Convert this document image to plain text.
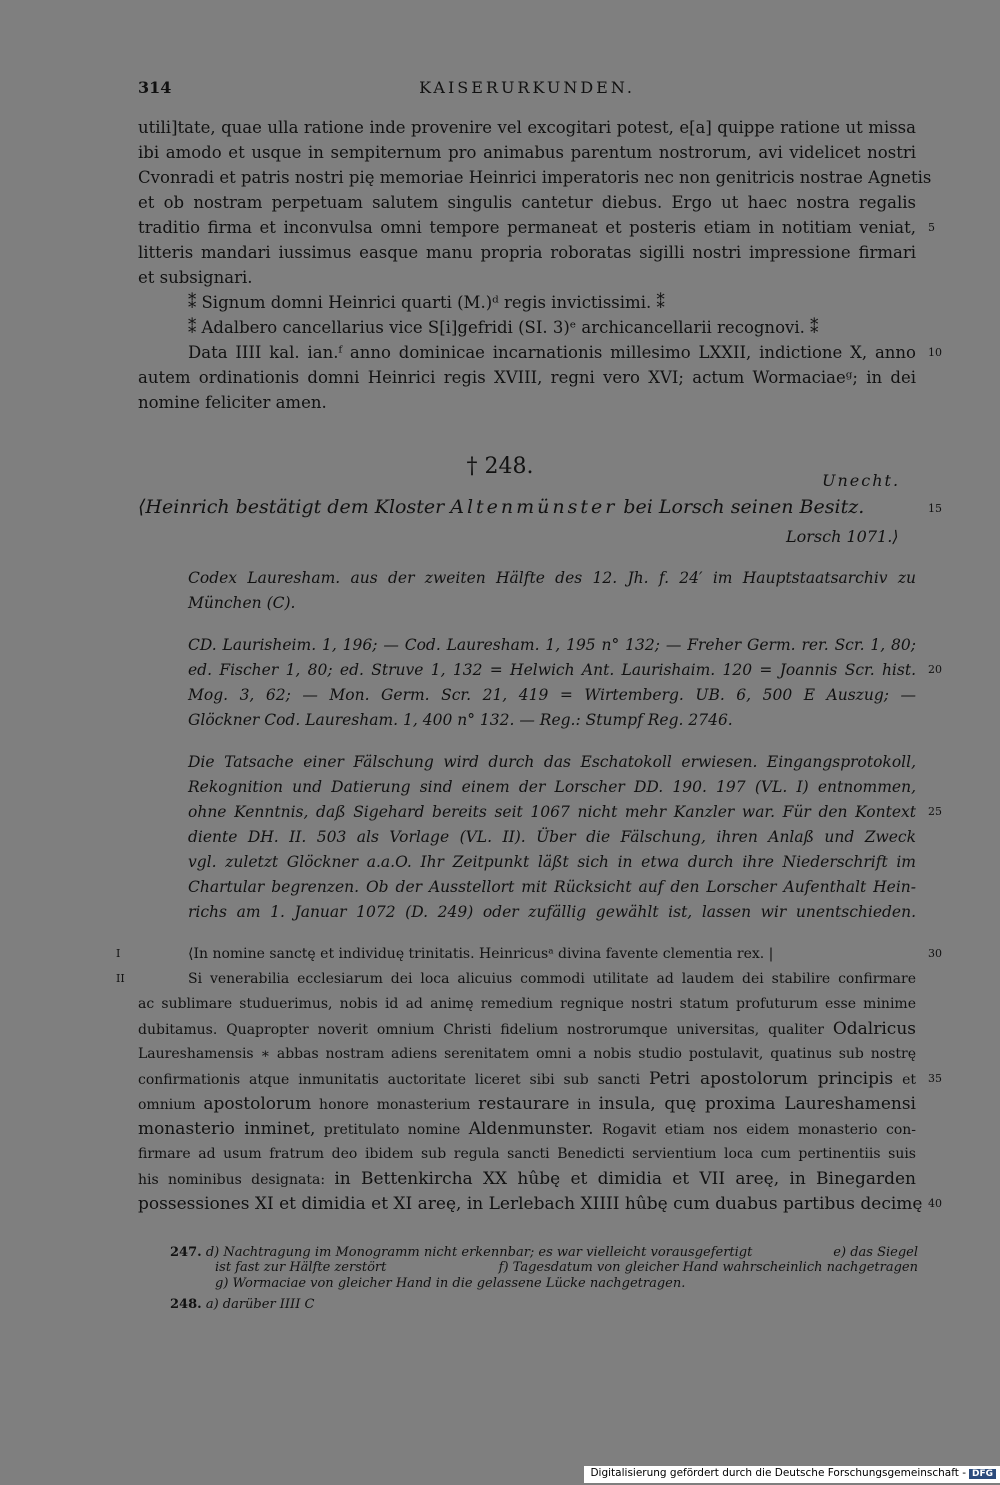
314	KAISERURKUNDEN.
utili]tate, quae ulla ratione inde provenire vel excogitari potest, e[a] quippe ratione ut missa
ibi amodo et usque in sempiternum pro animabus parentum nostrorum, avi videlicet nostri
Cvonradi et patris nostri pię memoriae Heinrici imperatoris nec non genitricis nostrae Agnetis
et ob nostram perpetuam salutem singulis cantetur diebus. Ergo ut haec nostra regalis
traditio firma et inconvulsa omni tempore permaneat et posteris etiam in notitiam veniat, 5
litteris mandari iussimus easque manu propria roboratas sigilli nostri impressione firmari
et subsignari.
⁑ Signum domni Heinrici quarti (M.)ᵈ regis invictissimi. ⁑
⁑ Adalbero cancellarius vice S[i]gefridi (SI. 3)ᵉ archicancellarii recognovi. ⁑
Data IIII kal. ian.ᶠ anno dominicae incarnationis millesimo LXXII, indictione X, anno 10
autem ordinationis domni Heinrici regis XVIII, regni vero XVI; actum Wormaciaeᵍ; in dei
nomine feliciter amen.
† 248.
Unecht.
⟨Heinrich bestätigt dem Kloster Altenmünster bei Lorsch seinen Besitz.	15
Lorsch 1071.⟩
Codex Lauresham. aus der zweiten Hälfte des 12. Jh. f. 24′ im Hauptstaatsarchiv zu
München (C).
CD. Laurisheim. 1, 196; — Cod. Lauresham. 1, 195 n° 132; — Freher Germ. rer. Scr. 1, 80;
ed. Fischer 1, 80; ed. Struve 1, 132 = Helwich Ant. Laurishaim. 120 = Joannis Scr. hist. 20
Mog. 3, 62; — Mon. Germ. Scr. 21, 419 = Wirtemberg. UB. 6, 500 E Auszug; —
Glöckner Cod. Lauresham. 1, 400 n° 132. — Reg.: Stumpf Reg. 2746.
Die Tatsache einer Fälschung wird durch das Eschatokoll erwiesen. Eingangsprotokoll,
Rekognition und Datierung sind einem der Lorscher DD. 190. 197 (VL. I) entnommen,
ohne Kenntnis, daß Sigehard bereits seit 1067 nicht mehr Kanzler war. Für den Kontext 25
diente DH. II. 503 als Vorlage (VL. II). Über die Fälschung, ihren Anlaß und Zweck
vgl. zuletzt Glöckner a.a.O. Ihr Zeitpunkt läßt sich in etwa durch ihre Niederschrift im
Chartular begrenzen. Ob der Ausstellort mit Rücksicht auf den Lorscher Aufenthalt Hein-
richs am 1. Januar 1072 (D. 249) oder zufällig gewählt ist, lassen wir unentschieden.
I	⟨In nomine sanctę et individuę trinitatis. Heinricusᵃ divina favente clementia rex. |	30
II	Si venerabilia ecclesiarum dei loca alicuius commodi utilitate ad laudem dei stabilire confirmare
ac sublimare studuerimus, nobis id ad animę remedium regnique nostri statum profuturum esse minime
dubitamus. Quapropter noverit omnium Christi fidelium nostrorumque universitas, qualiter Odalricus
Laureshamensis ∗ abbas nostram adiens serenitatem omni a nobis studio postulavit, quatinus sub nostrę
confirmationis atque inmunitatis auctoritate liceret sibi sub sancti Petri apostolorum principis et 35
omnium apostolorum honore monasterium restaurare in insula, quę proxima Laureshamensi
monasterio inminet, pretitulato nomine Aldenmunster. Rogavit etiam nos eidem monasterio con-
firmare ad usum fratrum deo ibidem sub regula sancti Benedicti servientium loca cum pertinentiis suis
his nominibus designata: in Bettenkircha XX hûbę et dimidia et VII areę, in Binegarden
possessiones XI et dimidia et XI areę, in Lerlebach XIIII hûbę cum duabus partibus decimę 40
247. d) Nachtragung im Monogramm nicht erkennbar; es war vielleicht vorausgefertigt	e) das Siegel
ist fast zur Hälfte zerstört	f) Tagesdatum von gleicher Hand wahrscheinlich nachgetragen
g) Wormaciae von gleicher Hand in die gelassene Lücke nachgetragen.
248. a) darüber IIII C
Digitalisierung gefördert durch die Deutsche Forschungsgemeinschaft - DFG
